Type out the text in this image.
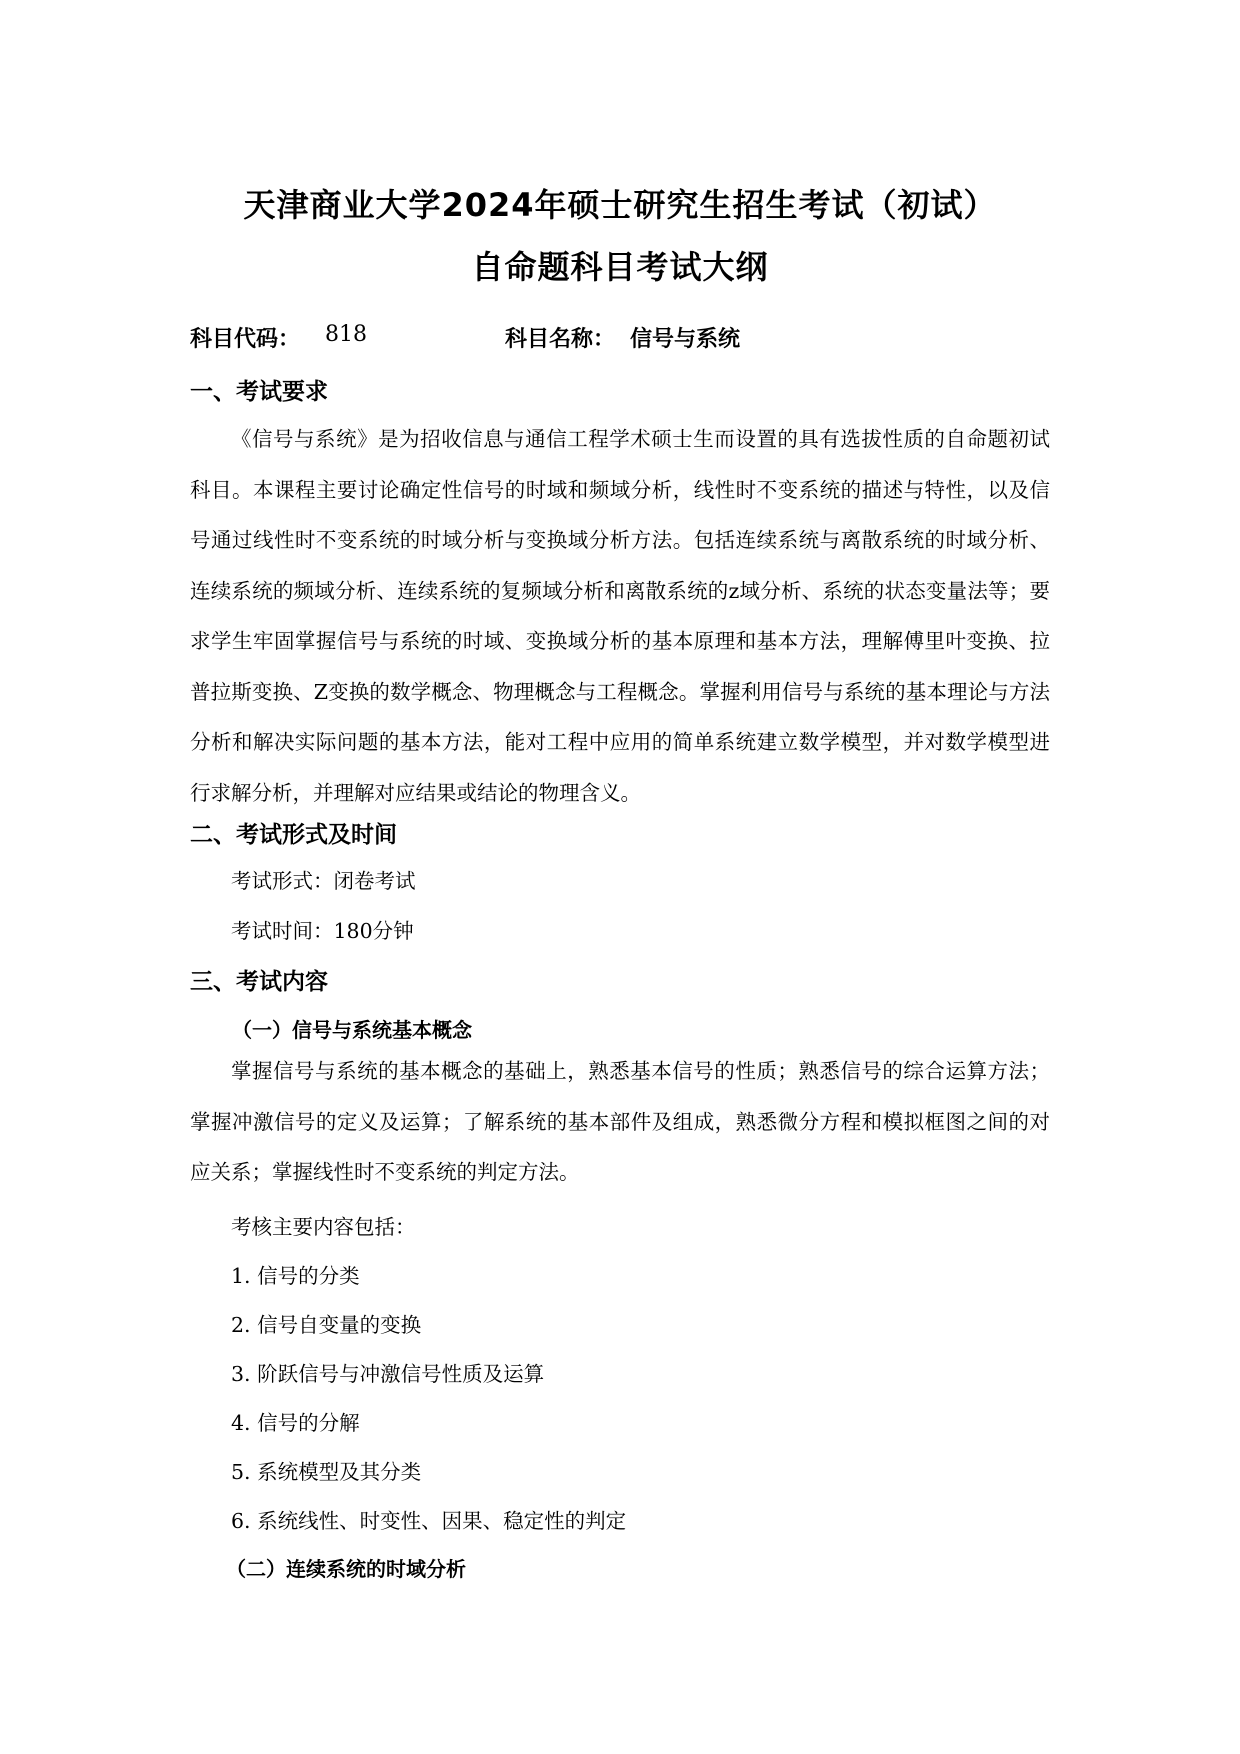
天津商业大学2024年硕士研究生招生考试（初试）
自命题科目考试大纲
科目代码： 818	科目名称： 信号与系统
一、考试要求

《信号与系统》是为招收信息与通信工程学术硕士生而设置的具有选拔性质的自命题初试科目。本课程主要讨论确定性信号的时域和频域分析，线性时不变系统的描述与特性，以及信号通过线性时不变系统的时域分析与变换域分析方法。包括连续系统与离散系统的时域分析、连续系统的频域分析、连续系统的复频域分析和离散系统的z域分析、系统的状态变量法等；要求学生牢固掌握信号与系统的时域、变换域分析的基本原理和基本方法，理解傅里叶变换、拉普拉斯变换、Z变换的数学概念、物理概念与工程概念。掌握利用信号与系统的基本理论与方法分析和解决实际问题的基本方法，能对工程中应用的简单系统建立数学模型，并对数学模型进行求解分析，并理解对应结果或结论的物理含义。

二、考试形式及时间
考试形式：闭卷考试
考试时间：180分钟
三、考试内容
（一）信号与系统基本概念

掌握信号与系统的基本概念的基础上，熟悉基本信号的性质；熟悉信号的综合运算方法；掌握冲激信号的定义及运算；了解系统的基本部件及组成，熟悉微分方程和模拟框图之间的对应关系；掌握线性时不变系统的判定方法。

考核主要内容包括：
1. 信号的分类
2. 信号自变量的变换
3. 阶跃信号与冲激信号性质及运算
4. 信号的分解
5. 系统模型及其分类
6. 系统线性、时变性、因果、稳定性的判定
（二）连续系统的时域分析
